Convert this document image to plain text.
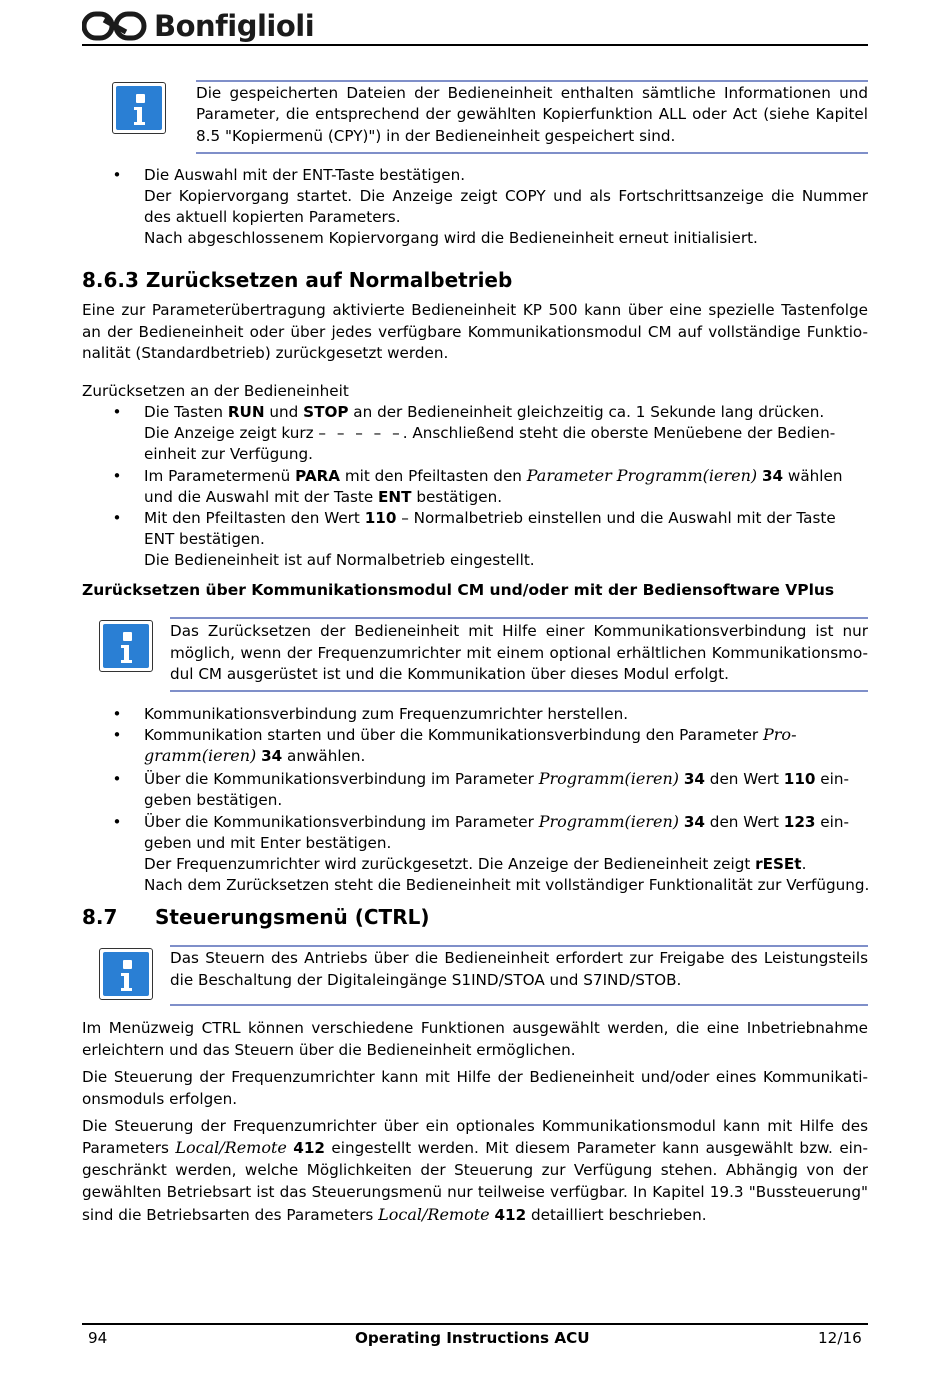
Bonfiglioli
Die gespeicherten Dateien der Bedieneinheit enthalten sämtliche Informationen und
Parameter, die entsprechend der gewählten Kopierfunktion ALL oder Act (siehe Kapitel
8.5 "Kopiermenü (CPY)") in der Bedieneinheit gespeichert sind.
• Die Auswahl mit der ENT-Taste bestätigen.
Der Kopiervorgang startet. Die Anzeige zeigt COPY und als Fortschrittsanzeige die Nummer
des aktuell kopierten Parameters.
Nach abgeschlossenem Kopiervorgang wird die Bedieneinheit erneut initialisiert.
8.6.3 Zurücksetzen auf Normalbetrieb
Eine zur Parameterübertragung aktivierte Bedieneinheit KP 500 kann über eine spezielle Tastenfolge
an der Bedieneinheit oder über jedes verfügbare Kommunikationsmodul CM auf vollständige Funktio-
nalität (Standardbetrieb) zurückgesetzt werden.
Zurücksetzen an der Bedieneinheit
• Die Tasten RUN und STOP an der Bedieneinheit gleichzeitig ca. 1 Sekunde lang drücken.
Die Anzeige zeigt kurz – – – – –. Anschließend steht die oberste Menüebene der Bedien-
einheit zur Verfügung.
• Im Parametermenü PARA mit den Pfeiltasten den Parameter Programm(ieren) 34 wählen
und die Auswahl mit der Taste ENT bestätigen.
• Mit den Pfeiltasten den Wert 110 – Normalbetrieb einstellen und die Auswahl mit der Taste
ENT bestätigen.
Die Bedieneinheit ist auf Normalbetrieb eingestellt.
Zurücksetzen über Kommunikationsmodul CM und/oder mit der Bediensoftware VPlus
Das Zurücksetzen der Bedieneinheit mit Hilfe einer Kommunikationsverbindung ist nur
möglich, wenn der Frequenzumrichter mit einem optional erhältlichen Kommunikationsmo-
dul CM ausgerüstet ist und die Kommunikation über dieses Modul erfolgt.
• Kommunikationsverbindung zum Frequenzumrichter herstellen.
• Kommunikation starten und über die Kommunikationsverbindung den Parameter Pro-
gramm(ieren) 34 anwählen.
• Über die Kommunikationsverbindung im Parameter Programm(ieren) 34 den Wert 110 ein-
geben bestätigen.
• Über die Kommunikationsverbindung im Parameter Programm(ieren) 34 den Wert 123 ein-
geben und mit Enter bestätigen.
Der Frequenzumrichter wird zurückgesetzt. Die Anzeige der Bedieneinheit zeigt rESEt.
Nach dem Zurücksetzen steht die Bedieneinheit mit vollständiger Funktionalität zur Verfügung.
8.7 Steuerungsmenü (CTRL)
Das Steuern des Antriebs über die Bedieneinheit erfordert zur Freigabe des Leistungsteils
die Beschaltung der Digitaleingänge S1IND/STOA und S7IND/STOB.
Im Menüzweig CTRL können verschiedene Funktionen ausgewählt werden, die eine Inbetriebnahme
erleichtern und das Steuern über die Bedieneinheit ermöglichen.
Die Steuerung der Frequenzumrichter kann mit Hilfe der Bedieneinheit und/oder eines Kommunikati-
onsmoduls erfolgen.
Die Steuerung der Frequenzumrichter über ein optionales Kommunikationsmodul kann mit Hilfe des
Parameters Local/Remote 412 eingestellt werden. Mit diesem Parameter kann ausgewählt bzw. ein-
geschränkt werden, welche Möglichkeiten der Steuerung zur Verfügung stehen. Abhängig von der
gewählten Betriebsart ist das Steuerungsmenü nur teilweise verfügbar. In Kapitel 19.3 "Bussteuerung"
sind die Betriebsarten des Parameters Local/Remote 412 detailliert beschrieben.
94	Operating Instructions ACU	12/16
